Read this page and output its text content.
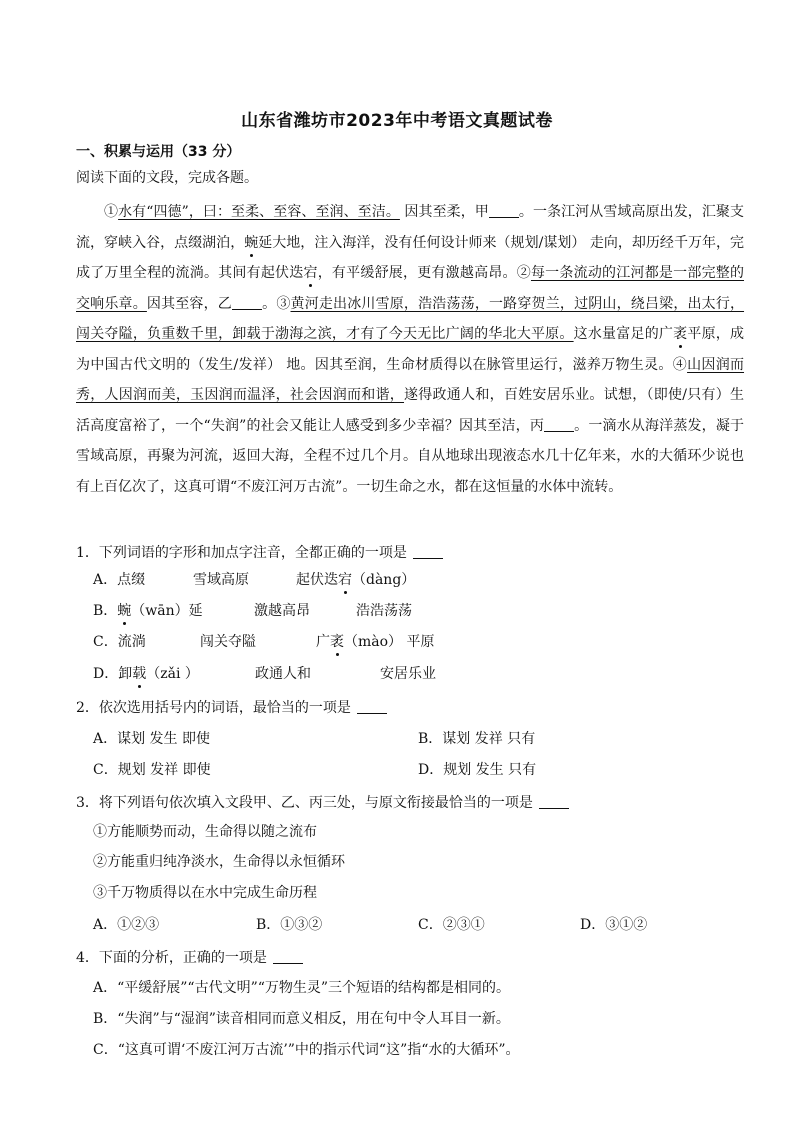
山东省潍坊市2023年中考语文真题试卷
一、积累与运用（33 分）
阅读下面的文段，完成各题。
①水有“四德”，曰：至柔、至容、至润、至洁。 因其至柔，甲 。一条江河从雪域高原出发，汇聚支流，穿峡入谷，点缀湖泊，蜿延大地，注入海洋，没有任何设计师来（规划/谋划） 走向，却历经千万年，完成了万里全程的流淌。其间有起伏迭宕，有平缓舒展，更有激越高昂。②每一条流动的江河都是一部完整的交响乐章。因其至容，乙 。③黄河走出冰川雪原，浩浩荡荡，一路穿贺兰，过阴山，绕吕梁，出太行， 闯关夺隘，负重数千里，卸载于渤海之滨，才有了今天无比广阔的华北大平原。这水量富足的广袤平原，成为中国古代文明的（发生/发祥） 地。因其至润，生命材质得以在脉管里运行，滋养万物生灵。④山因润而秀，人因润而美，玉因润而温泽，社会因润而和谐，遂得政通人和，百姓安居乐业。试想，（即使/只有）生活高度富裕了，一个“失润”的社会又能让人感受到多少幸福？因其至洁，丙 。一滴水从海洋蒸发，凝于雪域高原，再聚为河流，返回大海，全程不过几个月。自从地球出现液态水几十亿年来，水的大循环少说也有上百亿次了，这真可谓“不废江河万古流”。一切生命之水，都在这恒量的水体中流转。
1．下列词语的字形和加点字注音，全都正确的一项是
A．点缀	雪域高原	起伏迭宕（dàng）
B．蜿（wān）延	激越高昂	浩浩荡荡
C．流淌	闯关夺隘	广袤（mào） 平原
D．卸载（zǎi ）	政通人和	安居乐业
2．依次选用括号内的词语，最恰当的一项是
A．谋划 发生 即使	B．谋划 发祥 只有
C．规划 发祥 即使	D．规划 发生 只有
3．将下列语句依次填入文段甲、乙、丙三处，与原文衔接最恰当的一项是
①方能顺势而动，生命得以随之流布
②方能重归纯净淡水，生命得以永恒循环
③千万物质得以在水中完成生命历程
A．①②③	B．①③②	C．②③①	D．③①②
4．下面的分析，正确的一项是
A．“平缓舒展”“古代文明”“万物生灵”三个短语的结构都是相同的。
B．“失润”与“湿润”读音相同而意义相反，用在句中令人耳目一新。
C．“这真可谓‘不废江河万古流’”中的指示代词“这”指“水的大循环”。
